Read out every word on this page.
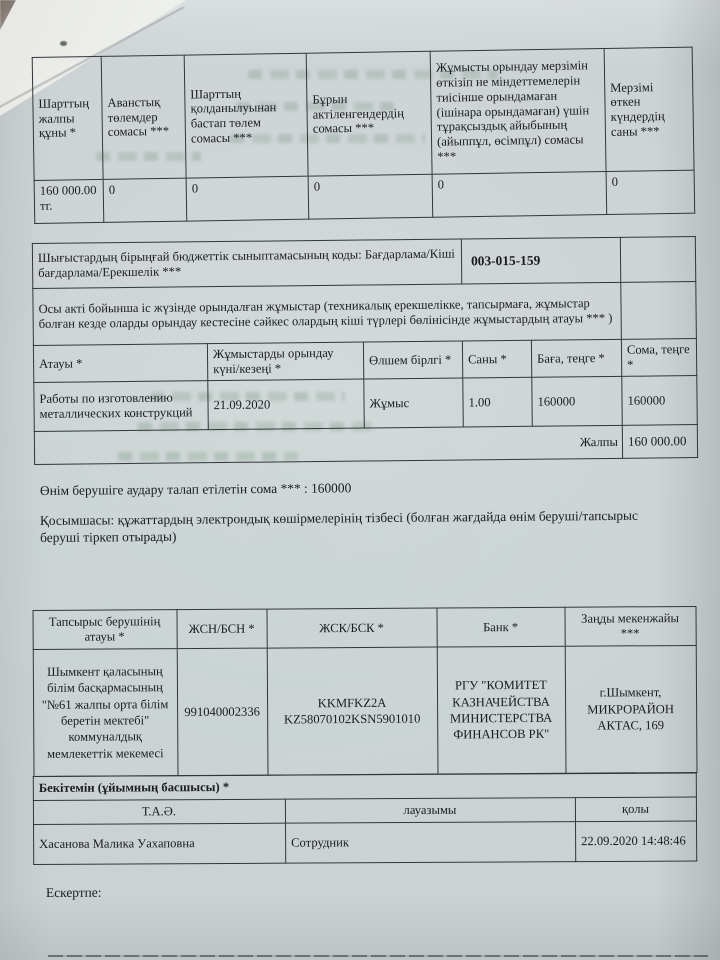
Шарттың жалпы құны *	Аванстық төлемдер сомасы ***	Шарттың қолданылуынан бастап төлем сомасы ***	Бұрын актіленгендердің сомасы ***	Жұмысты орындау мерзімін өткізіп не міндеттемелерін тиісінше орындамаған (ішінара орындамаған) үшін тұрақсыздық айыбының (айыппұл, өсімпұл) сомасы ***	Мерзімі өткен күндердің саны ***
160 000.00 тг.	0	0	0	0	0
Шығыстардың бірыңғай бюджеттік сыныптамасының коды: Бағдарлама/Кіші бағдарлама/Ерекшелік ***			003-015-159		
Осы акті бойынша іс жүзінде орындалған жұмыстар (техникалық ерекшелікке, тапсырмаға, жұмыстар болған кезде оларды орындау кестесіне сәйкес олардың кіші түрлері бөлінісінде жұмыстардың атауы *** )					
Атауы *	Жұмыстарды орындау күні/кезеңі *	Өлшем бірлгі *	Саны *	Баға, теңге *	Сома, теңге *
Работы по изготовлению металлических конструкций	21.09.2020	Жұмыс	1.00	160000	160000
Жалпы					160 000.00

Өнім берушіге аудару талап етілетін сома *** : 160000

Қосымшасы: құжаттардың электрондық көшірмелерінің тізбесі (болған жағдайда өнім беруші/тапсырыс беруші тіркеп отырады)

Тапсырыс берушінің атауы *	ЖСН/БСН *	ЖСК/БСК *	Банк *	Заңды мекенжайы ***
Шымкент қаласының білім басқармасының "№61 жалпы орта білім беретін мектебі" коммуналдық мемлекеттік мекемесі	991040002336	KKMFKZ2A KZ58070102KSN5901010	РГУ "КОМИТЕТ КАЗНАЧЕЙСТВА МИНИСТЕРСТВА ФИНАНСОВ РК"	г.Шымкент, МИКРОРАЙОН АКТАС, 169
Бекітемін (ұйымның басшысы) *		
Т.А.Ә.	лауазымы	қолы
Хасанова Малика Уахаповна	Сотрудник	22.09.2020 14:48:46

Ескертпе:
